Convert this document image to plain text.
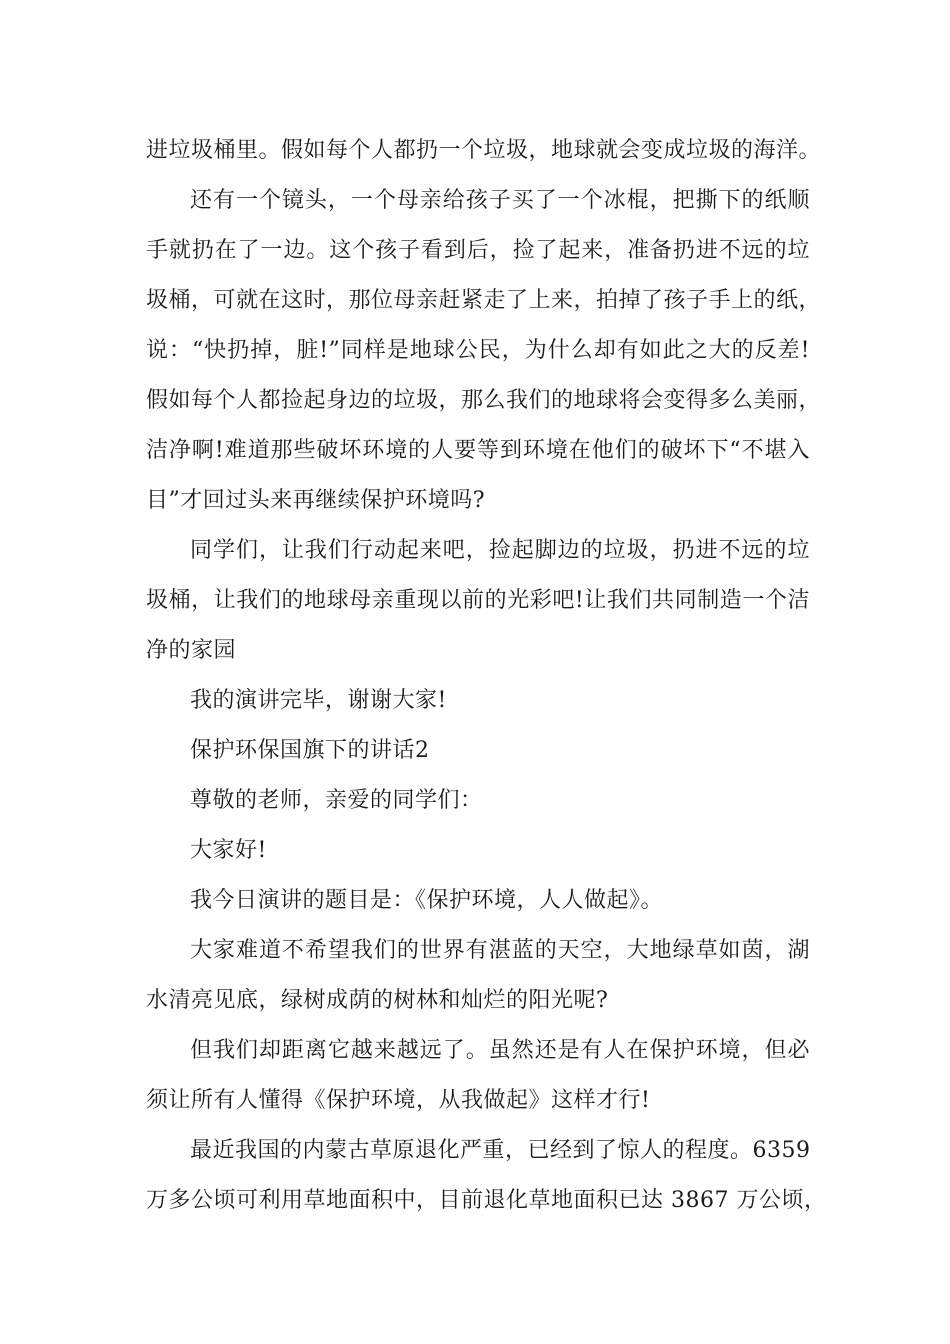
进垃圾桶里。假如每个人都扔一个垃圾，地球就会变成垃圾的海洋。
还有一个镜头，一个母亲给孩子买了一个冰棍，把撕下的纸顺
手就扔在了一边。这个孩子看到后，捡了起来，准备扔进不远的垃
圾桶，可就在这时，那位母亲赶紧走了上来，拍掉了孩子手上的纸，
说：“快扔掉，脏!”同样是地球公民，为什么却有如此之大的反差!
假如每个人都捡起身边的垃圾，那么我们的地球将会变得多么美丽，
洁净啊!难道那些破坏环境的人要等到环境在他们的破坏下“不堪入
目”才回过头来再继续保护环境吗?
同学们，让我们行动起来吧，捡起脚边的垃圾，扔进不远的垃
圾桶，让我们的地球母亲重现以前的光彩吧!让我们共同制造一个洁
净的家园
我的演讲完毕，谢谢大家!
保护环保国旗下的讲话2
尊敬的老师，亲爱的同学们：
大家好!
我今日演讲的题目是：《保护环境，人人做起》。
大家难道不希望我们的世界有湛蓝的天空，大地绿草如茵，湖
水清亮见底，绿树成荫的树林和灿烂的阳光呢?
但我们却距离它越来越远了。虽然还是有人在保护环境，但必
须让所有人懂得《保护环境，从我做起》这样才行!
最近我国的内蒙古草原退化严重，已经到了惊人的程度。6359
万多公顷可利用草地面积中，目前退化草地面积已达 3867 万公顷，
